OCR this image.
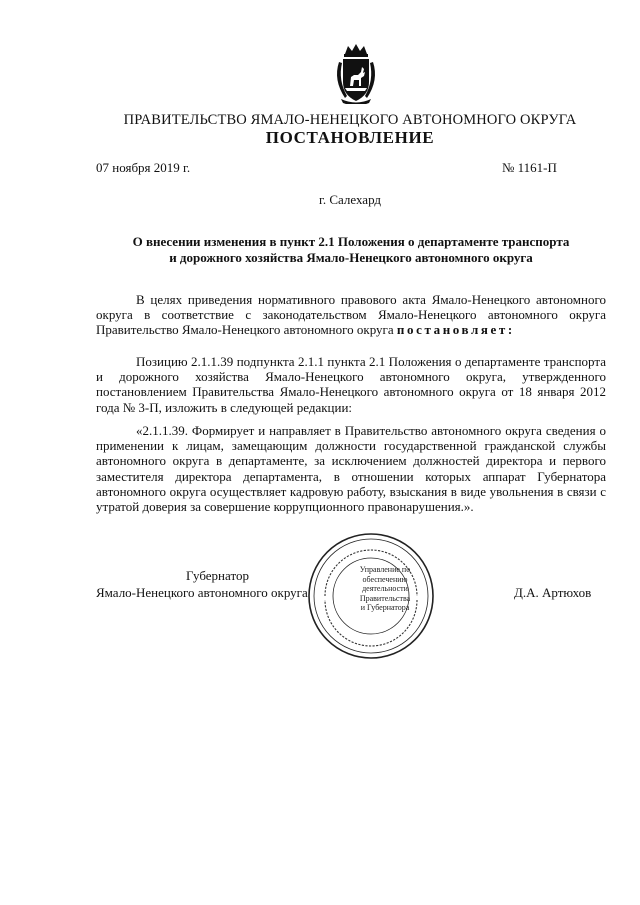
ПРАВИТЕЛЬСТВО ЯМАЛО-НЕНЕЦКОГО АВТОНОМНОГО ОКРУГА
ПОСТАНОВЛЕНИЕ
07 ноября 2019 г.	№ 1161-П
г. Салехард
О внесении изменения в пункт 2.1 Положения о департаменте транспорта
и дорожного хозяйства Ямало-Ненецкого автономного округа

В целях приведения нормативного правового акта Ямало-Ненецкого автономного округа в соответствие с законодательством Ямало-Ненецкого автономного округа Правительство Ямало-Ненецкого автономного округа постановляет:

Позицию 2.1.1.39 подпункта 2.1.1 пункта 2.1 Положения о департаменте транспорта и дорожного хозяйства Ямало-Ненецкого автономного округа, утвержденного постановлением Правительства Ямало-Ненецкого автономного округа от 18 января 2012 года № 3-П, изложить в следующей редакции:

«2.1.1.39. Формирует и направляет в Правительство автономного округа сведения о применении к лицам, замещающим должности государственной гражданской службы автономного округа в департаменте, за исключением должностей директора и первого заместителя директора департамента, в отношении которых аппарат Губернатора автономного округа осуществляет кадровую работу, взыскания в виде увольнения в связи с утратой доверия за совершение коррупционного правонарушения.».

Губернатор
Ямало-Ненецкого автономного округа	Д.А. Артюхов
Управление по
обеспечению
деятельности
Правительства
и Губернатора
